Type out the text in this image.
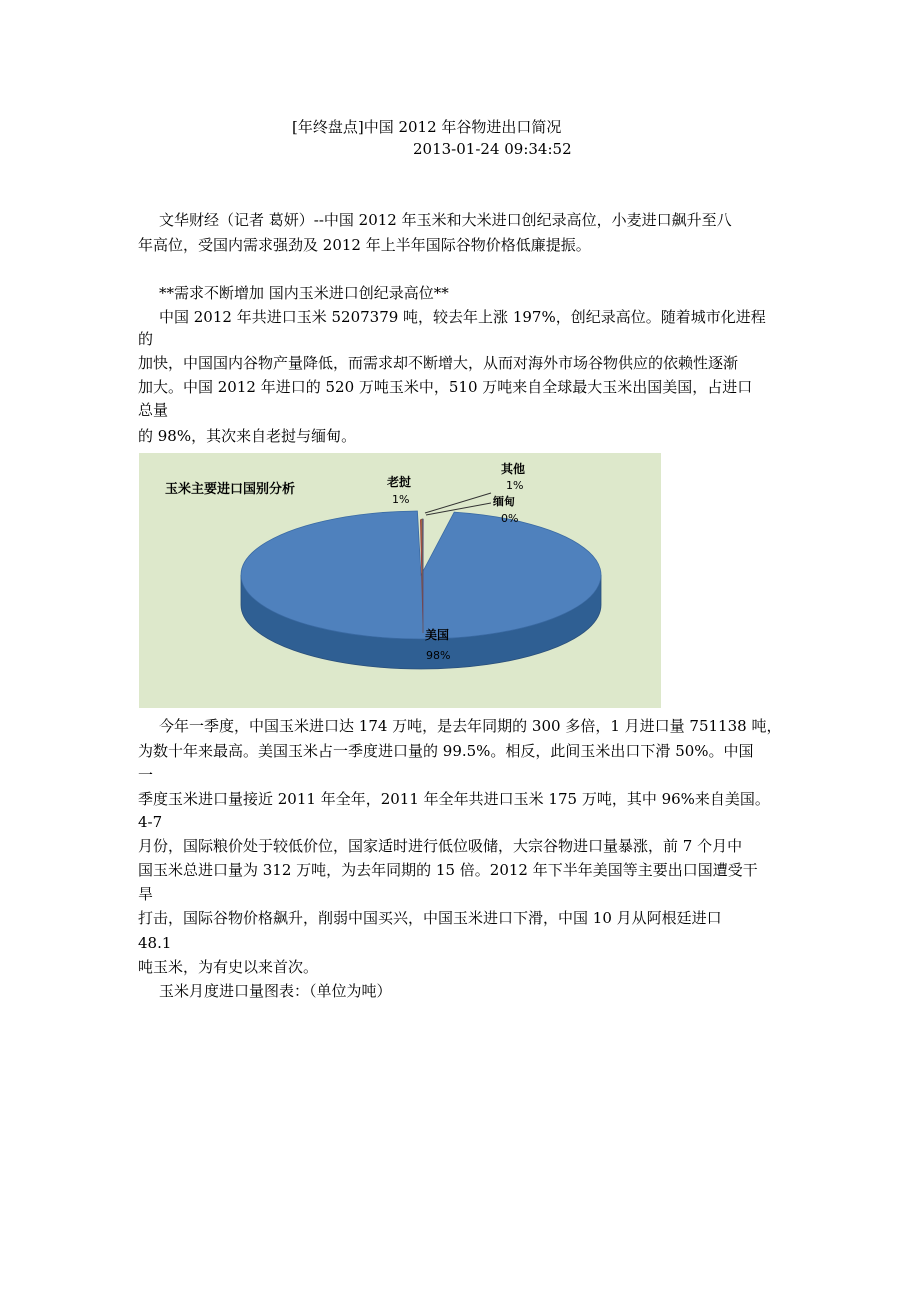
[年终盘点]中国 2012 年谷物进出口简况
2013-01-24 09:34:52
文华财经（记者 葛妍）--中国 2012 年玉米和大米进口创纪录高位，小麦进口飙升至八
年高位，受国内需求强劲及 2012 年上半年国际谷物价格低廉提振。
**需求不断增加 国内玉米进口创纪录高位**
中国 2012 年共进口玉米 5207379 吨，较去年上涨 197%，创纪录高位。随着城市化进程
的
加快，中国国内谷物产量降低，而需求却不断增大，从而对海外市场谷物供应的依赖性逐渐
加大。中国 2012 年进口的 520 万吨玉米中，510 万吨来自全球最大玉米出国美国，占进口
总量
的 98%，其次来自老挝与缅甸。
玉米主要进口国别分析	老挝
1%
其他
1%
缅甸
0%
美国
98%
今年一季度，中国玉米进口达 174 万吨，是去年同期的 300 多倍，1 月进口量 751138 吨，
为数十年来最高。美国玉米占一季度进口量的 99.5%。相反，此间玉米出口下滑 50%。中国
一
季度玉米进口量接近 2011 年全年，2011 年全年共进口玉米 175 万吨，其中 96%来自美国。
4-7
月份，国际粮价处于较低价位，国家适时进行低位吸储，大宗谷物进口量暴涨，前 7 个月中
国玉米总进口量为 312 万吨，为去年同期的 15 倍。2012 年下半年美国等主要出口国遭受干
旱
打击，国际谷物价格飙升，削弱中国买兴，中国玉米进口下滑，中国 10 月从阿根廷进口
48.1
吨玉米，为有史以来首次。
玉米月度进口量图表：（单位为吨）
